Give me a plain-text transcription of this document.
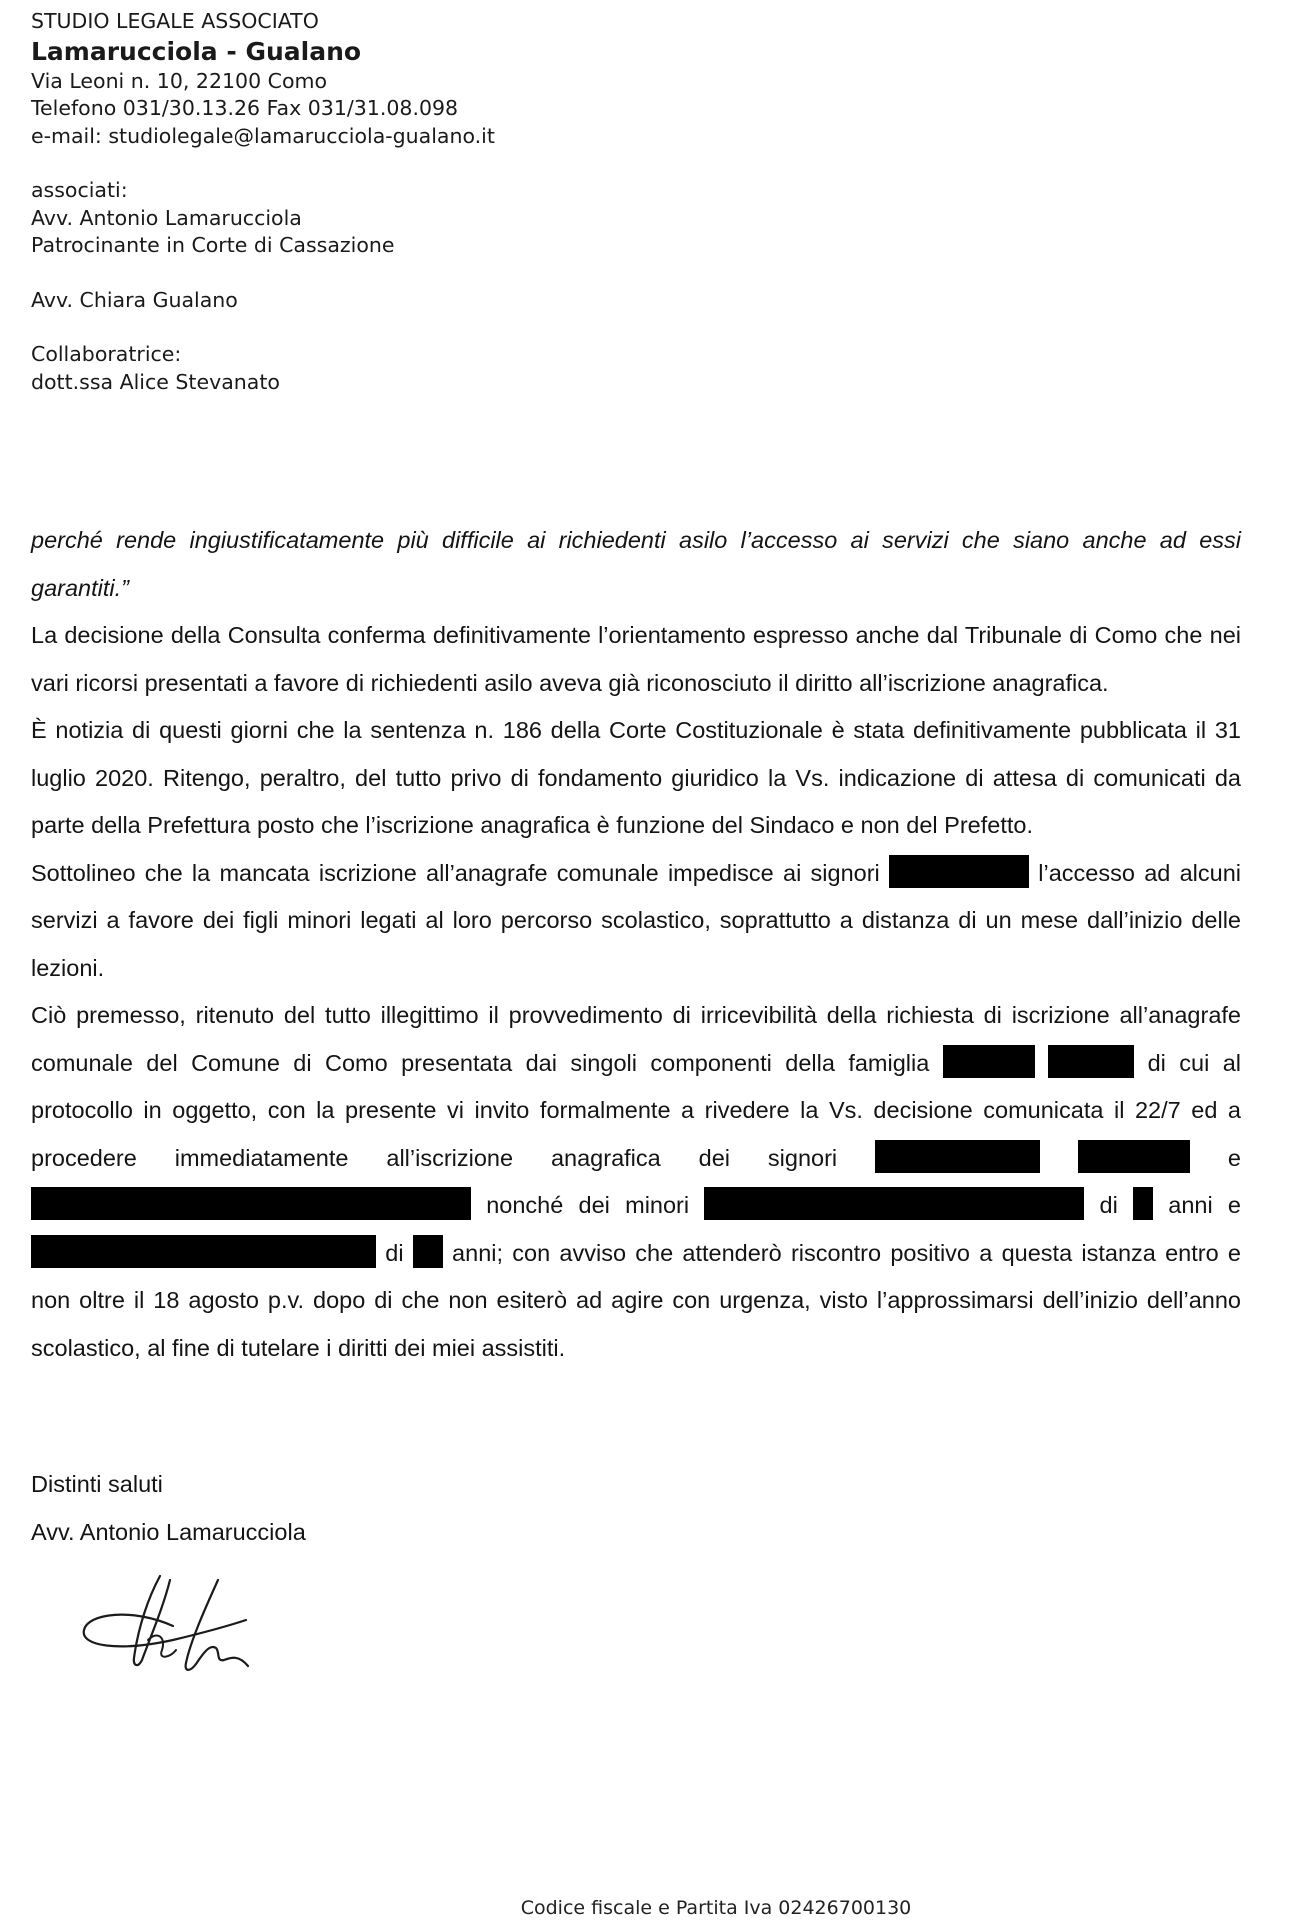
STUDIO LEGALE ASSOCIATO
Lamarucciola - Gualano
Via Leoni n. 10, 22100 Como
Telefono 031/30.13.26 Fax 031/31.08.098
e-mail: studiolegale@lamarucciola-gualano.it
associati:
Avv. Antonio Lamarucciola
Patrocinante in Corte di Cassazione
Avv. Chiara Gualano
Collaboratrice:
dott.ssa Alice Stevanato

perché rende ingiustificatamente più difficile ai richiedenti asilo l’accesso ai servizi che siano anche ad essi garantiti.”

La decisione della Consulta conferma definitivamente l’orientamento espresso anche dal Tribunale di Como che nei vari ricorsi presentati a favore di richiedenti asilo aveva già riconosciuto il diritto all’iscrizione anagrafica.

È notizia di questi giorni che la sentenza n. 186 della Corte Costituzionale è stata definitivamente pubblicata il 31 luglio 2020. Ritengo, peraltro, del tutto privo di fondamento giuridico la Vs. indicazione di attesa di comunicati da parte della Prefettura posto che l’iscrizione anagrafica è funzione del Sindaco e non del Prefetto.

Sottolineo che la mancata iscrizione all’anagrafe comunale impedisce ai signori	l’accesso ad alcuni servizi a favore dei figli minori legati al loro percorso scolastico, soprattutto a distanza di un mese dall’inizio delle lezioni.

Ciò premesso, ritenuto del tutto illegittimo il provvedimento di irricevibilità della richiesta di iscrizione all’anagrafe comunale del Comune di Como presentata dai singoli componenti della famiglia	di cui al protocollo in oggetto, con la presente vi invito formalmente a rivedere la Vs. decisione comunicata il 22/7 ed a procedere immediatamente all’iscrizione anagrafica dei signori	e nonché dei minori	di  anni e di  anni; con avviso che attenderò riscontro positivo a questa istanza entro e non oltre il 18 agosto p.v. dopo di che non esiterò ad agire con urgenza, visto l’approssimarsi dell’inizio dell’anno scolastico, al fine di tutelare i diritti dei miei assistiti.

Distinti saluti
Avv. Antonio Lamarucciola
Codice fiscale e Partita Iva 02426700130
